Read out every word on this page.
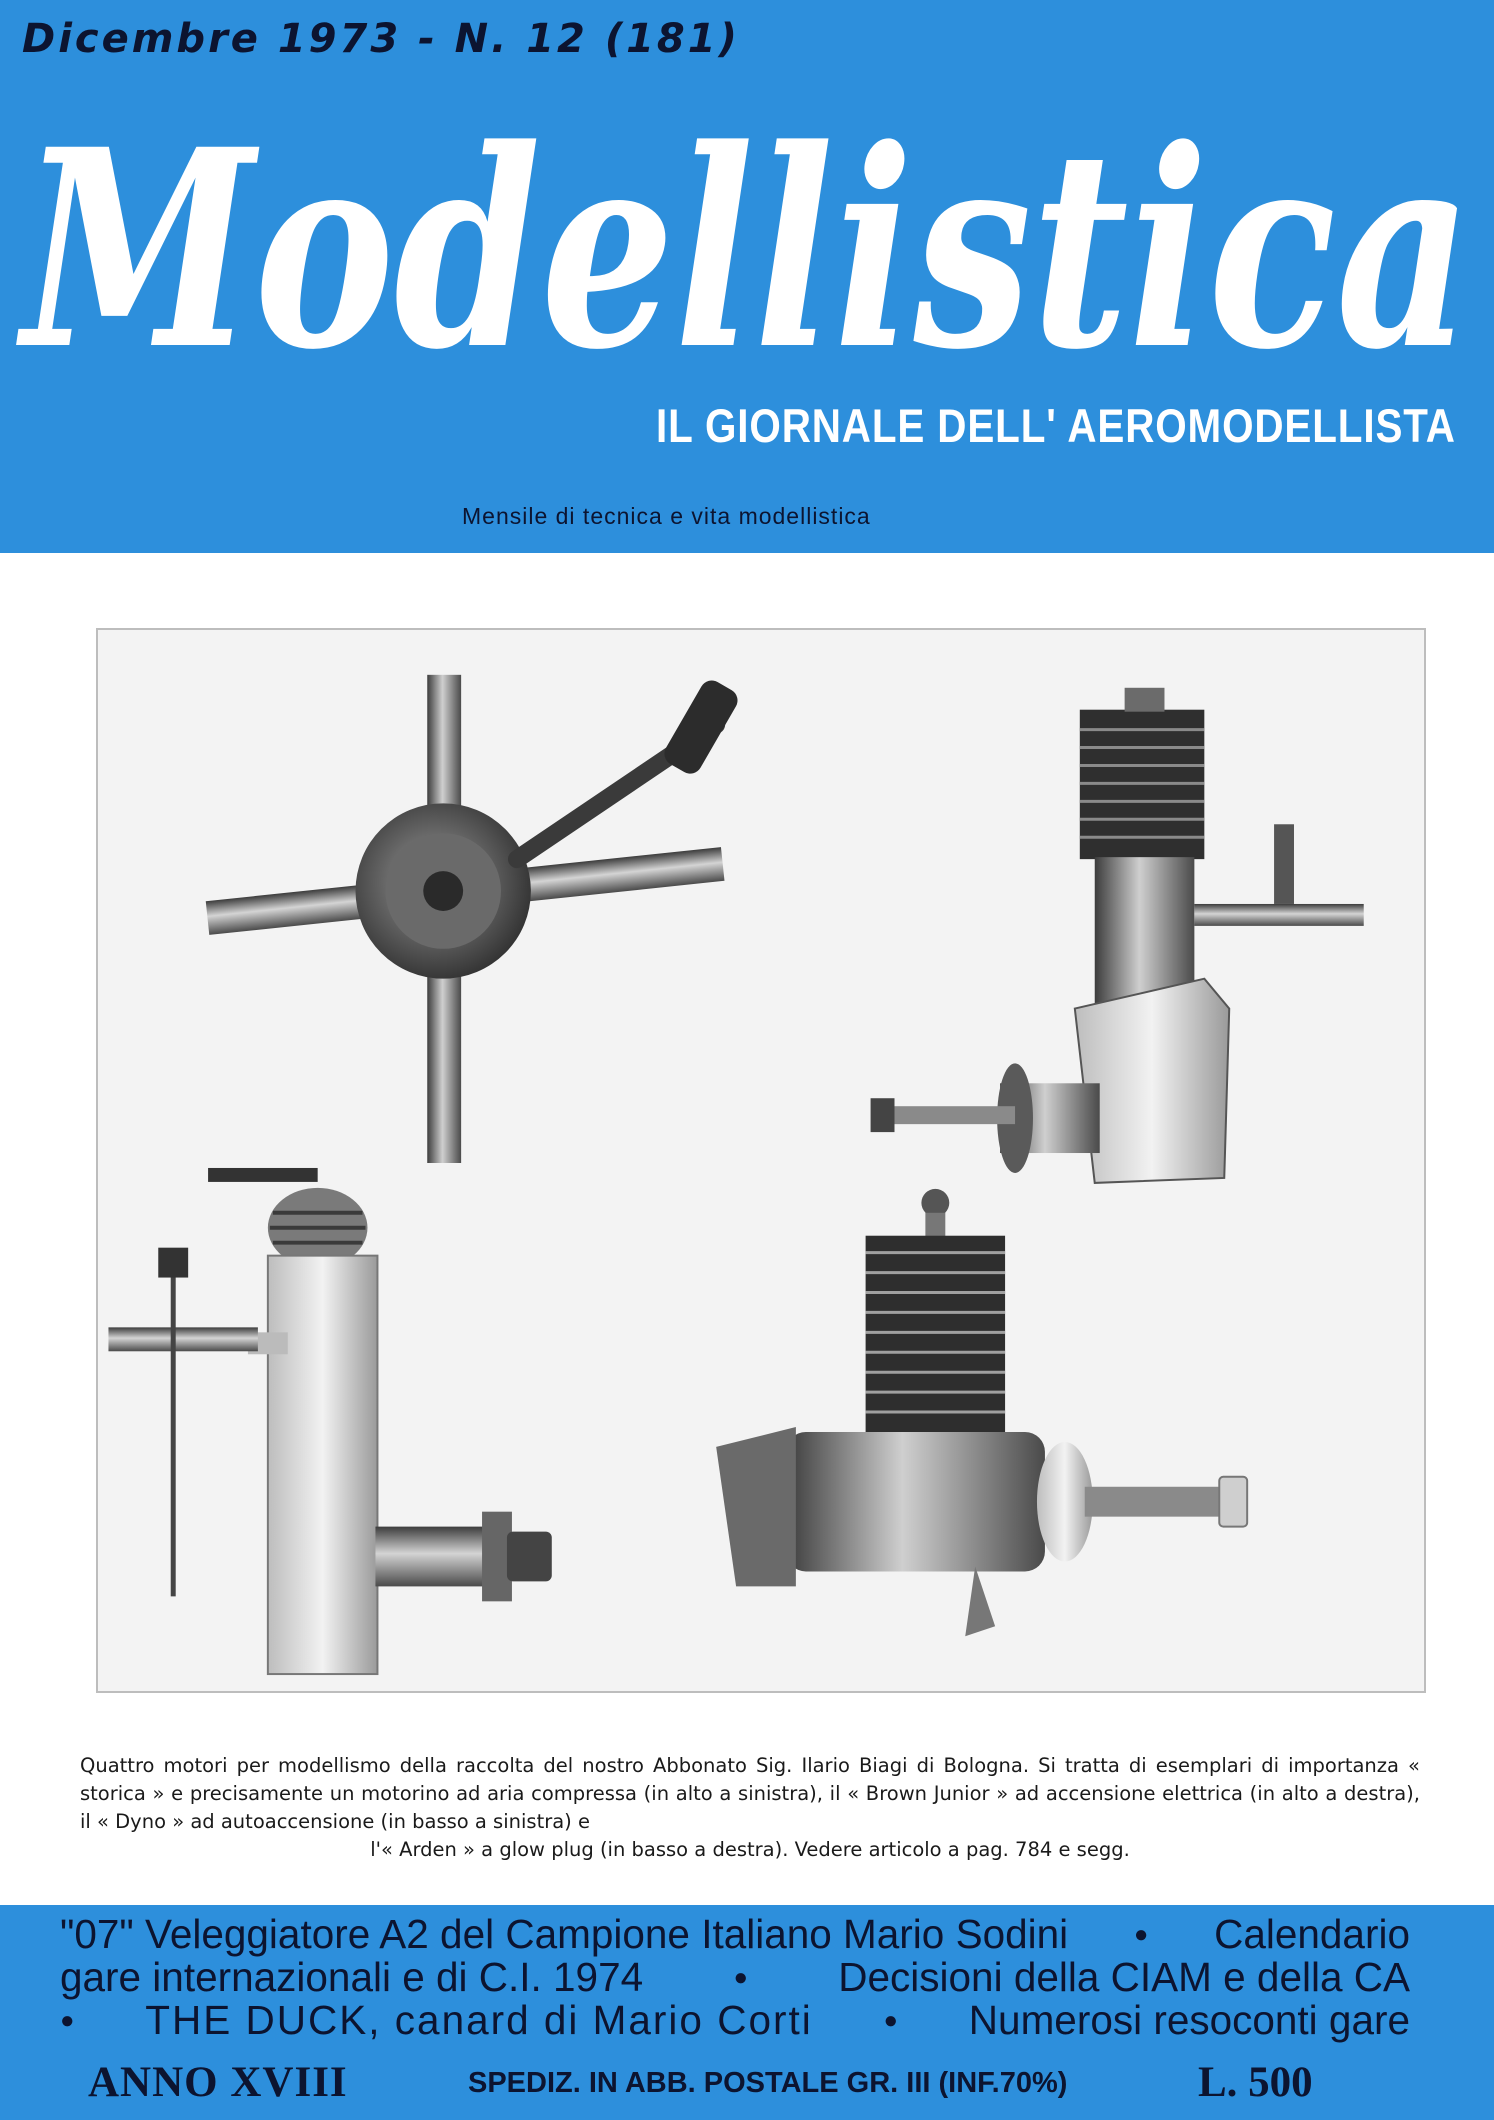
Dicembre 1973 - N. 12 (181)
Modellistica
IL GIORNALE DELL' AEROMODELLISTA
Mensile di tecnica e vita modellistica
Quattro motori per modellismo della raccolta del nostro Abbonato Sig. Ilario Biagi di Bologna. Si tratta di esemplari di importanza « storica » e precisamente un motorino ad aria compressa (in alto a sinistra), il « Brown Junior » ad accensione elettrica (in alto a destra), il « Dyno » ad autoaccensione (in basso a sinistra) e
l'« Arden » a glow plug (in basso a destra). Vedere articolo a pag. 784 e segg.
"07" Veleggiatore A2 del Campione Italiano Mario Sodini	● Calendario
gare internazionali e di C.I. 1974	● Decisioni della CIAM e della CA
● THE DUCK, canard di Mario Corti	● Numerosi resoconti gare
ANNO XVIII	SPEDIZ. IN ABB. POSTALE GR. III (INF.70%)	L. 500
